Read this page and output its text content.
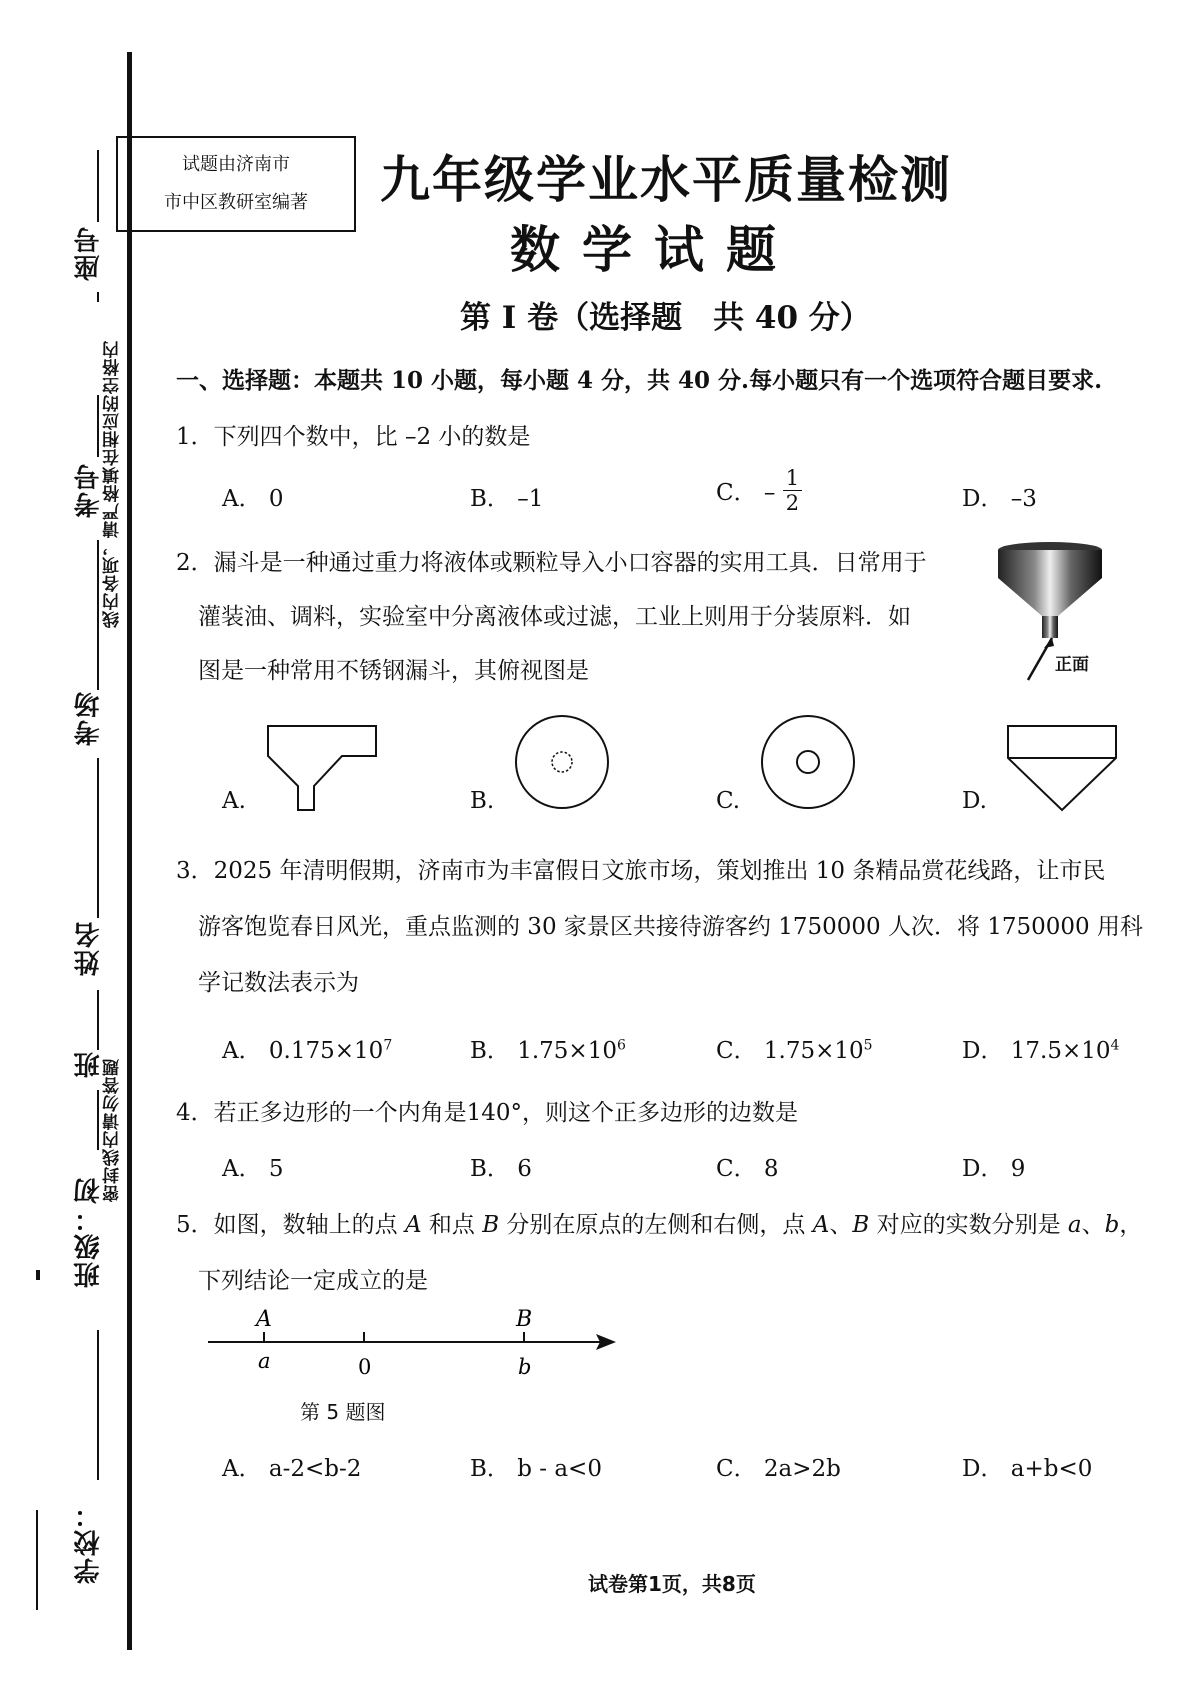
座号
线内各项，请严格填在相应的空格内
考号
考场
姓名
班 密封线内请勿答题
班级：初
学校：
试题由济南市
市中区教研室编著	九年级学业水平质量检测
数学试题
第 I 卷（选择题　共 40 分）
一、选择题：本题共 10 小题，每小题 4 分，共 40 分.每小题只有一个选项符合题目要求.
1．下列四个数中，比 –2 小的数是
A． 0	B． –1	C． – $\frac{1}{2}$	D． –3
2．漏斗是一种通过重力将液体或颗粒导入小口容器的实用工具．日常用于
灌装油、调料，实验室中分离液体或过滤，工业上则用于分装原料．如
图是一种常用不锈钢漏斗，其俯视图是	正面
A.	B.	C.	D.
3．2025 年清明假期，济南市为丰富假日文旅市场，策划推出 10 条精品赏花线路，让市民
游客饱览春日风光，重点监测的 30 家景区共接待游客约 1750000 人次．将 1750000 用科
学记数法表示为
A． $0.175\times 10^7$	B． $1.75\times 10^6$	C． $1.75\times 10^5$	D． $17.5\times 10^4$
4．若正多边形的一个内角是140°，则这个正多边形的边数是
A． 5	B． 6	C． 8	D． 9
5．如图，数轴上的点 A 和点 B 分别在原点的左侧和右侧，点 A、B 对应的实数分别是 a、b，
下列结论一定成立的是
A	B
a	0	b
第 5 题图
A． a-2<b-2	B． b - a<0	C． 2a>2b	D． a+b<0
试卷第1页，共8页
